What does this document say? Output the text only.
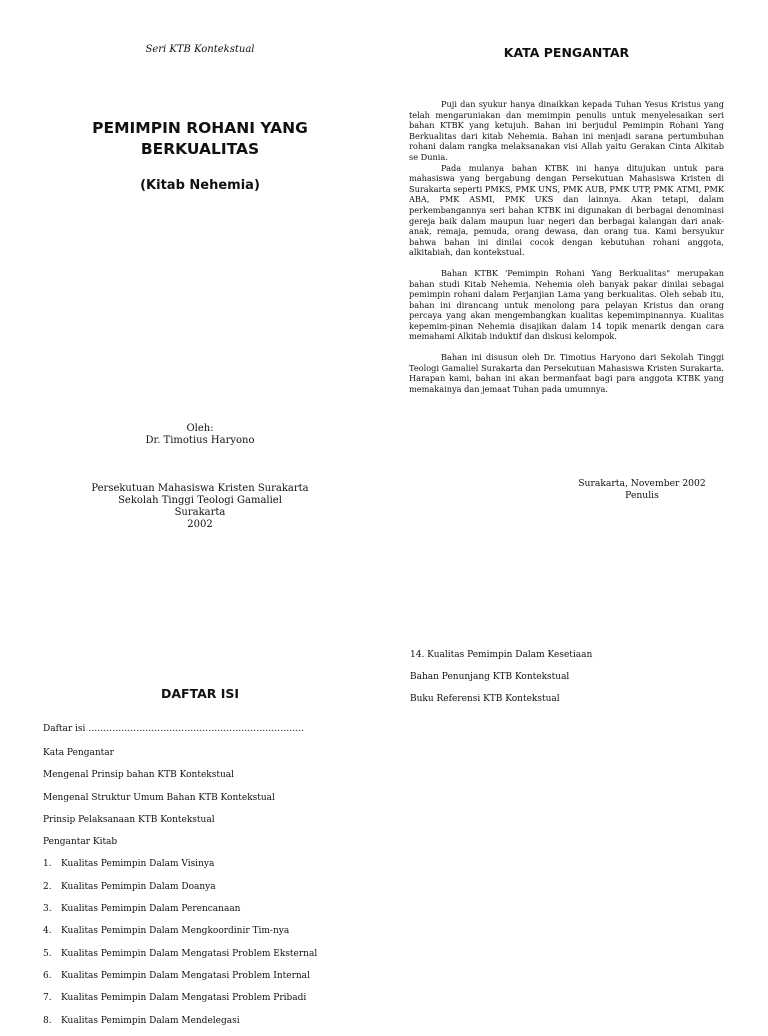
Seri KTB Kontekstual
PEMIMPIN ROHANI YANG
BERKUALITAS
(Kitab Nehemia)
Oleh:
Dr. Timotius Haryono
Persekutuan Mahasiswa Kristen Surakarta
Sekolah Tinggi Teologi Gamaliel
Surakarta
2002
KATA PENGANTAR

Puji dan syukur hanya dinaikkan kepada Tuhan Yesus Kristus yang telah mengaruniakan dan memimpin penulis untuk menyelesaikan seri bahan KTBK yang ketujuh. Bahan ini berjudul Pemimpin Rohani Yang Berkualitas dari kitab Nehemia. Bahan ini menjadi sarana pertumbuhan rohani dalam rangka melaksanakan visi Allah yaitu Gerakan Cinta Alkitab se Dunia.

Pada mulanya bahan KTBK ini hanya ditujukan untuk para mahasiswa yang bergabung dengan Persekutuan Mahasiswa Kristen di Surakarta seperti PMKS, PMK UNS, PMK AUB, PMK UTP, PMK ATMI, PMK ABA, PMK ASMI, PMK UKS dan lainnya. Akan tetapi, dalam perkembangannya seri bahan KTBK ini digunakan di berbagai denominasi gereja baik dalam maupun luar negeri dan berbagai kalangan dari anak-anak, remaja, pemuda, orang dewasa, dan orang tua. Kami bersyukur bahwa bahan ini dinilai cocok dengan kebutuhan rohani anggota, alkitabiah, dan kontekstual.

Bahan KTBK 'Pemimpin Rohani Yang Berkualitas" merupakan bahan studi Kitab Nehemia. Nehemia oleh banyak pakar dinilai sebagai pemimpin rohani dalam Perjanjian Lama yang berkualitas. Oleh sebab itu, bahan ini dirancang untuk menolong para pelayan Kristus dan orang percaya yang akan mengembangkan kualitas kepemimpinannya. Kualitas kepemim-pinan Nehemia disajikan dalam 14 topik menarik dengan cara memahami Alkitab induktif dan diskusi kelompok.

Bahan ini disusun oleh Dr. Timotius Haryono dari Sekolah Tinggi Teologi Gamaliel Surakarta dan Persekutuan Mahasiswa Kristen Surakarta. Harapan kami, bahan ini akan bermanfaat bagi para anggota KTBK yang memakainya dan jemaat Tuhan pada umumnya.

Surakarta, November 2002
Penulis
14. Kualitas Pemimpin Dalam Kesetiaan
Bahan Penunjang KTB Kontekstual
Buku Referensi KTB Kontekstual
DAFTAR ISI
Daftar isi ………………………………………………………………
Kata Pengantar
Mengenal Prinsip bahan KTB Kontekstual
Mengenal Struktur Umum Bahan KTB Kontekstual
Prinsip Pelaksanaan KTB Kontekstual
Pengantar Kitab
1. Kualitas Pemimpin Dalam Visinya
2. Kualitas Pemimpin Dalam Doanya
3. Kualitas Pemimpin Dalam Perencanaan
4. Kualitas Pemimpin Dalam Mengkoordinir Tim-nya
5. Kualitas Pemimpin Dalam Mengatasi Problem Eksternal
6. Kualitas Pemimpin Dalam Mengatasi Problem Internal
7. Kualitas Pemimpin Dalam Mengatasi Problem Pribadi
8. Kualitas Pemimpin Dalam Mendelegasi
